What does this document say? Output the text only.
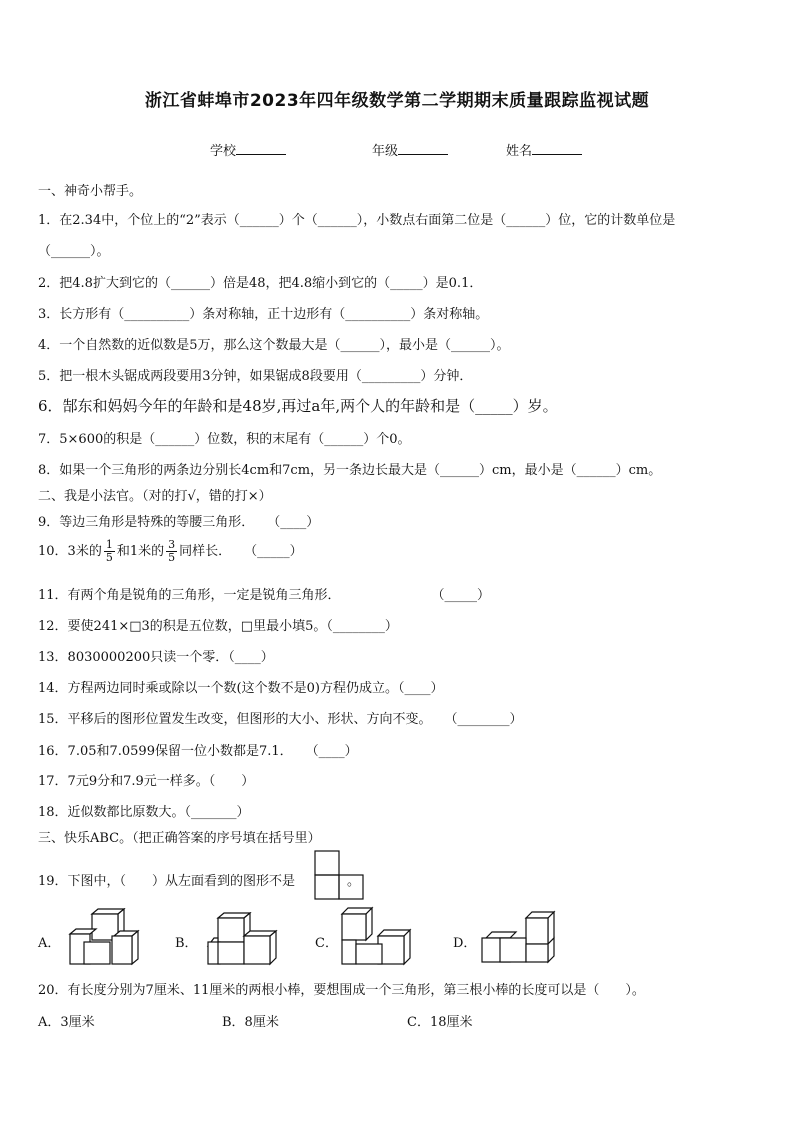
浙江省蚌埠市2023年四年级数学第二学期期末质量跟踪监视试题
学校	年级	姓名
一、神奇小帮手。
1．在2.34中，个位上的“2”表示（______）个（______），小数点右面第二位是（______）位，它的计数单位是
（______）。
2．把4.8扩大到它的（______）倍是48，把4.8缩小到它的（_____）是0.1．
3．长方形有（__________）条对称轴，正十边形有（__________）条对称轴。
4．一个自然数的近似数是5万，那么这个数最大是（______），最小是（______）。
5．把一根木头锯成两段要用3分钟，如果锯成8段要用（_________）分钟．
6．郜东和妈妈今年的年龄和是48岁,再过a年,两个人的年龄和是（_____）岁。
7．5×600的积是（______）位数，积的末尾有（______）个0。
8．如果一个三角形的两条边分别长4cm和7cm，另一条边长最大是（______）cm，最小是（______）cm。
二、我是小法官。（对的打√，错的打×）
9．等边三角形是特殊的等腰三角形．　　（____）
10．3米的 $\frac{1}{5}$ 和1米的 $\frac{3}{5}$ 同样长．　　（_____）
11．有两个角是锐角的三角形，一定是锐角三角形．　　　　　　　　（_____）
12．要使241×□3的积是五位数，□里最小填5。（________）
13．8030000200只读一个零．（____）
14．方程两边同时乘或除以一个数(这个数不是0)方程仍成立。（____）
15．平移后的图形位置发生改变，但图形的大小、形状、方向不变。　　（________）
16．7.05和7.0599保留一位小数都是7.1．　　（____）
17．7元9分和7.9元一样多。（　　）
18．近似数都比原数大。（_______）
三、快乐ABC。（把正确答案的序号填在括号里）
19．下图中，（　　）从左面看到的图形不是	。
A．	B．	C．	D．
20．有长度分别为7厘米、11厘米的两根小棒，要想围成一个三角形，第三根小棒的长度可以是（　　）。
A．3厘米	B．8厘米	C．18厘米
